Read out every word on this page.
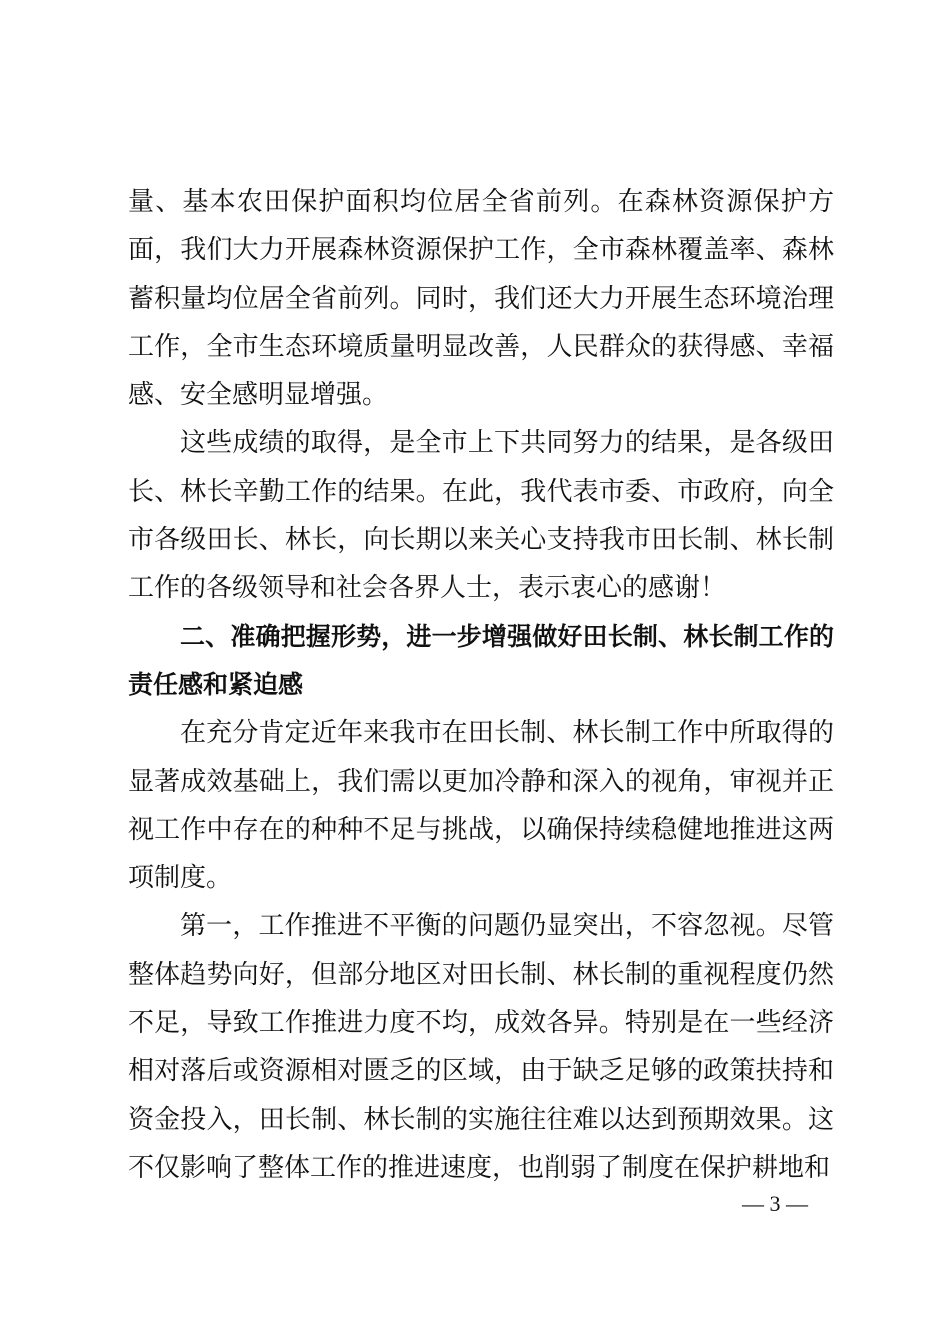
量、基本农田保护面积均位居全省前列。在森林资源保护方面，我们大力开展森林资源保护工作，全市森林覆盖率、森林蓄积量均位居全省前列。同时，我们还大力开展生态环境治理工作，全市生态环境质量明显改善，人民群众的获得感、幸福感、安全感明显增强。

这些成绩的取得，是全市上下共同努力的结果，是各级田长、林长辛勤工作的结果。在此，我代表市委、市政府，向全市各级田长、林长，向长期以来关心支持我市田长制、林长制工作的各级领导和社会各界人士，表示衷心的感谢！

二、准确把握形势，进一步增强做好田长制、林长制工作的责任感和紧迫感

在充分肯定近年来我市在田长制、林长制工作中所取得的显著成效基础上，我们需以更加冷静和深入的视角，审视并正视工作中存在的种种不足与挑战，以确保持续稳健地推进这两项制度。

第一，工作推进不平衡的问题仍显突出，不容忽视。尽管整体趋势向好，但部分地区对田长制、林长制的重视程度仍然不足，导致工作推进力度不均，成效各异。特别是在一些经济相对落后或资源相对匮乏的区域，由于缺乏足够的政策扶持和资金投入，田长制、林长制的实施往往难以达到预期效果。这不仅影响了整体工作的推进速度，也削弱了制度在保护耕地和

— 3 —
